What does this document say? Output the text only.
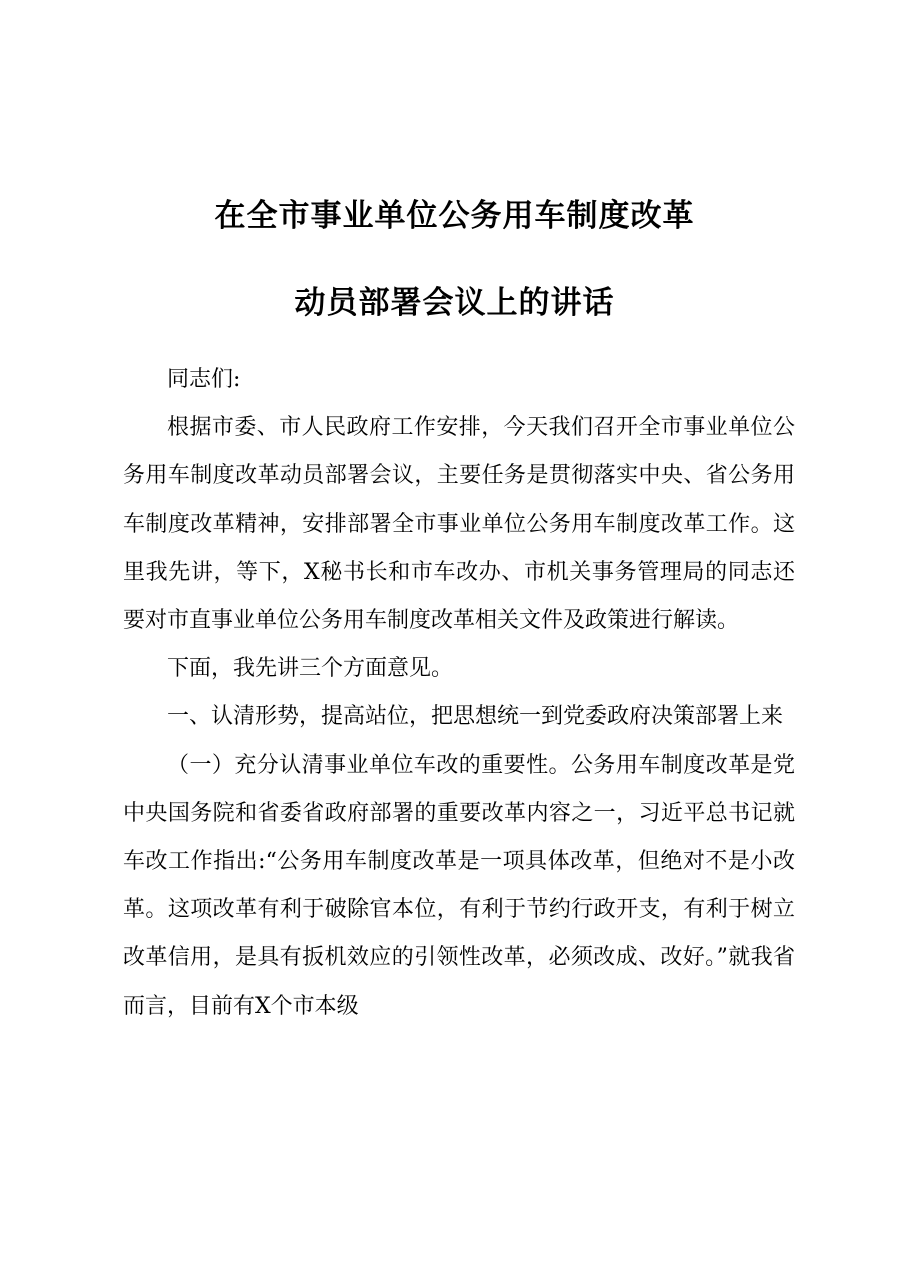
在全市事业单位公务用车制度改革
动员部署会议上的讲话

同志们:

根据市委、市人民政府工作安排，今天我们召开全市事业单位公务用车制度改革动员部署会议，主要任务是贯彻落实中央、省公务用车制度改革精神，安排部署全市事业单位公务用车制度改革工作。这里我先讲，等下，X秘书长和市车改办、市机关事务管理局的同志还要对市直事业单位公务用车制度改革相关文件及政策进行解读。

下面，我先讲三个方面意见。

一、认清形势，提高站位，把思想统一到党委政府决策部署上来

（一）充分认清事业单位车改的重要性。公务用车制度改革是党中央国务院和省委省政府部署的重要改革内容之一，习近平总书记就车改工作指出:“公务用车制度改革是一项具体改革，但绝对不是小改革。这项改革有利于破除官本位，有利于节约行政开支，有利于树立改革信用，是具有扳机效应的引领性改革，必须改成、改好。”就我省而言，目前有X个市本级
